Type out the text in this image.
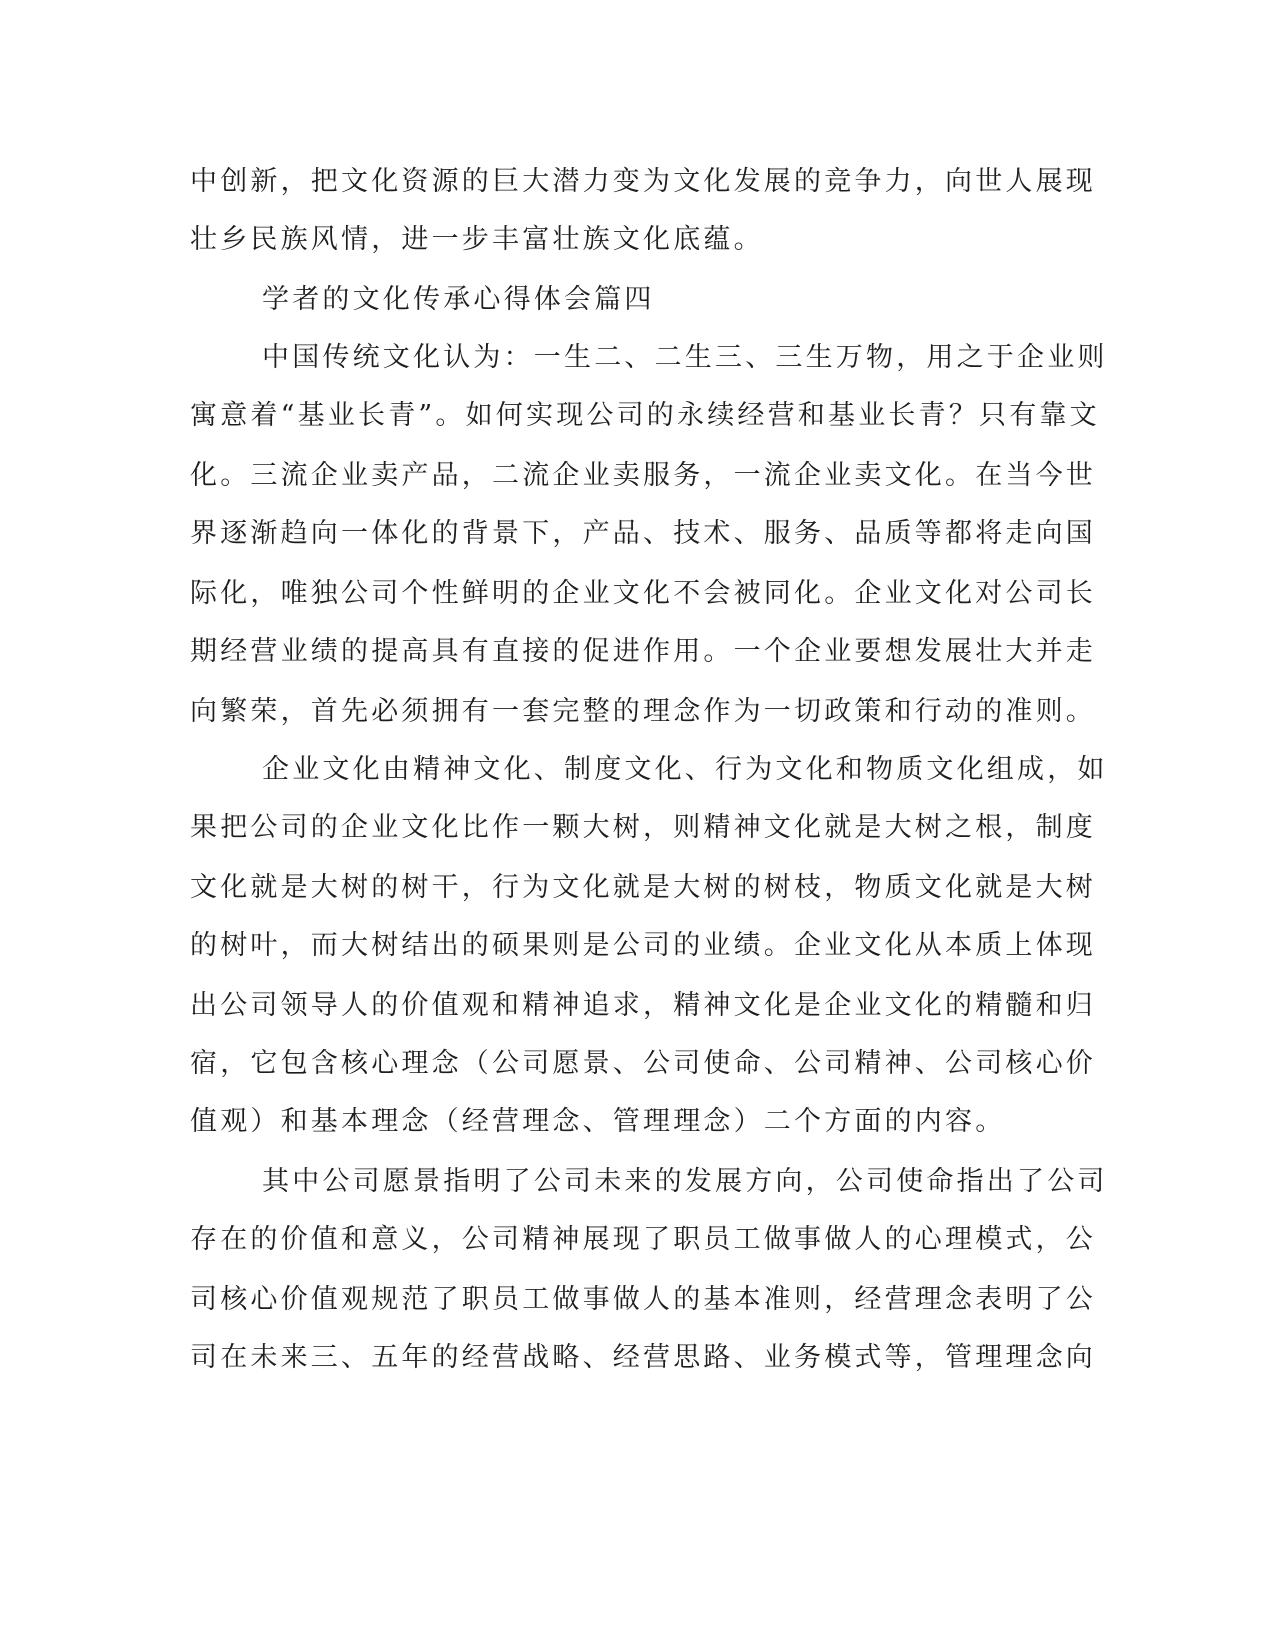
中创新，把文化资源的巨大潜力变为文化发展的竞争力，向世人展现

壮乡民族风情，进一步丰富壮族文化底蕴。

学者的文化传承心得体会篇四

中国传统文化认为：一生二、二生三、三生万物，用之于企业则

寓意着“基业长青”。如何实现公司的永续经营和基业长青？只有靠文

化。三流企业卖产品，二流企业卖服务，一流企业卖文化。在当今世

界逐渐趋向一体化的背景下，产品、技术、服务、品质等都将走向国

际化，唯独公司个性鲜明的企业文化不会被同化。企业文化对公司长

期经营业绩的提高具有直接的促进作用。一个企业要想发展壮大并走

向繁荣，首先必须拥有一套完整的理念作为一切政策和行动的准则。

企业文化由精神文化、制度文化、行为文化和物质文化组成，如

果把公司的企业文化比作一颗大树，则精神文化就是大树之根，制度

文化就是大树的树干，行为文化就是大树的树枝，物质文化就是大树

的树叶，而大树结出的硕果则是公司的业绩。企业文化从本质上体现

出公司领导人的价值观和精神追求，精神文化是企业文化的精髓和归

宿，它包含核心理念（公司愿景、公司使命、公司精神、公司核心价

值观）和基本理念（经营理念、管理理念）二个方面的内容。

其中公司愿景指明了公司未来的发展方向，公司使命指出了公司

存在的价值和意义，公司精神展现了职员工做事做人的心理模式，公

司核心价值观规范了职员工做事做人的基本准则，经营理念表明了公

司在未来三、五年的经营战略、经营思路、业务模式等，管理理念向
